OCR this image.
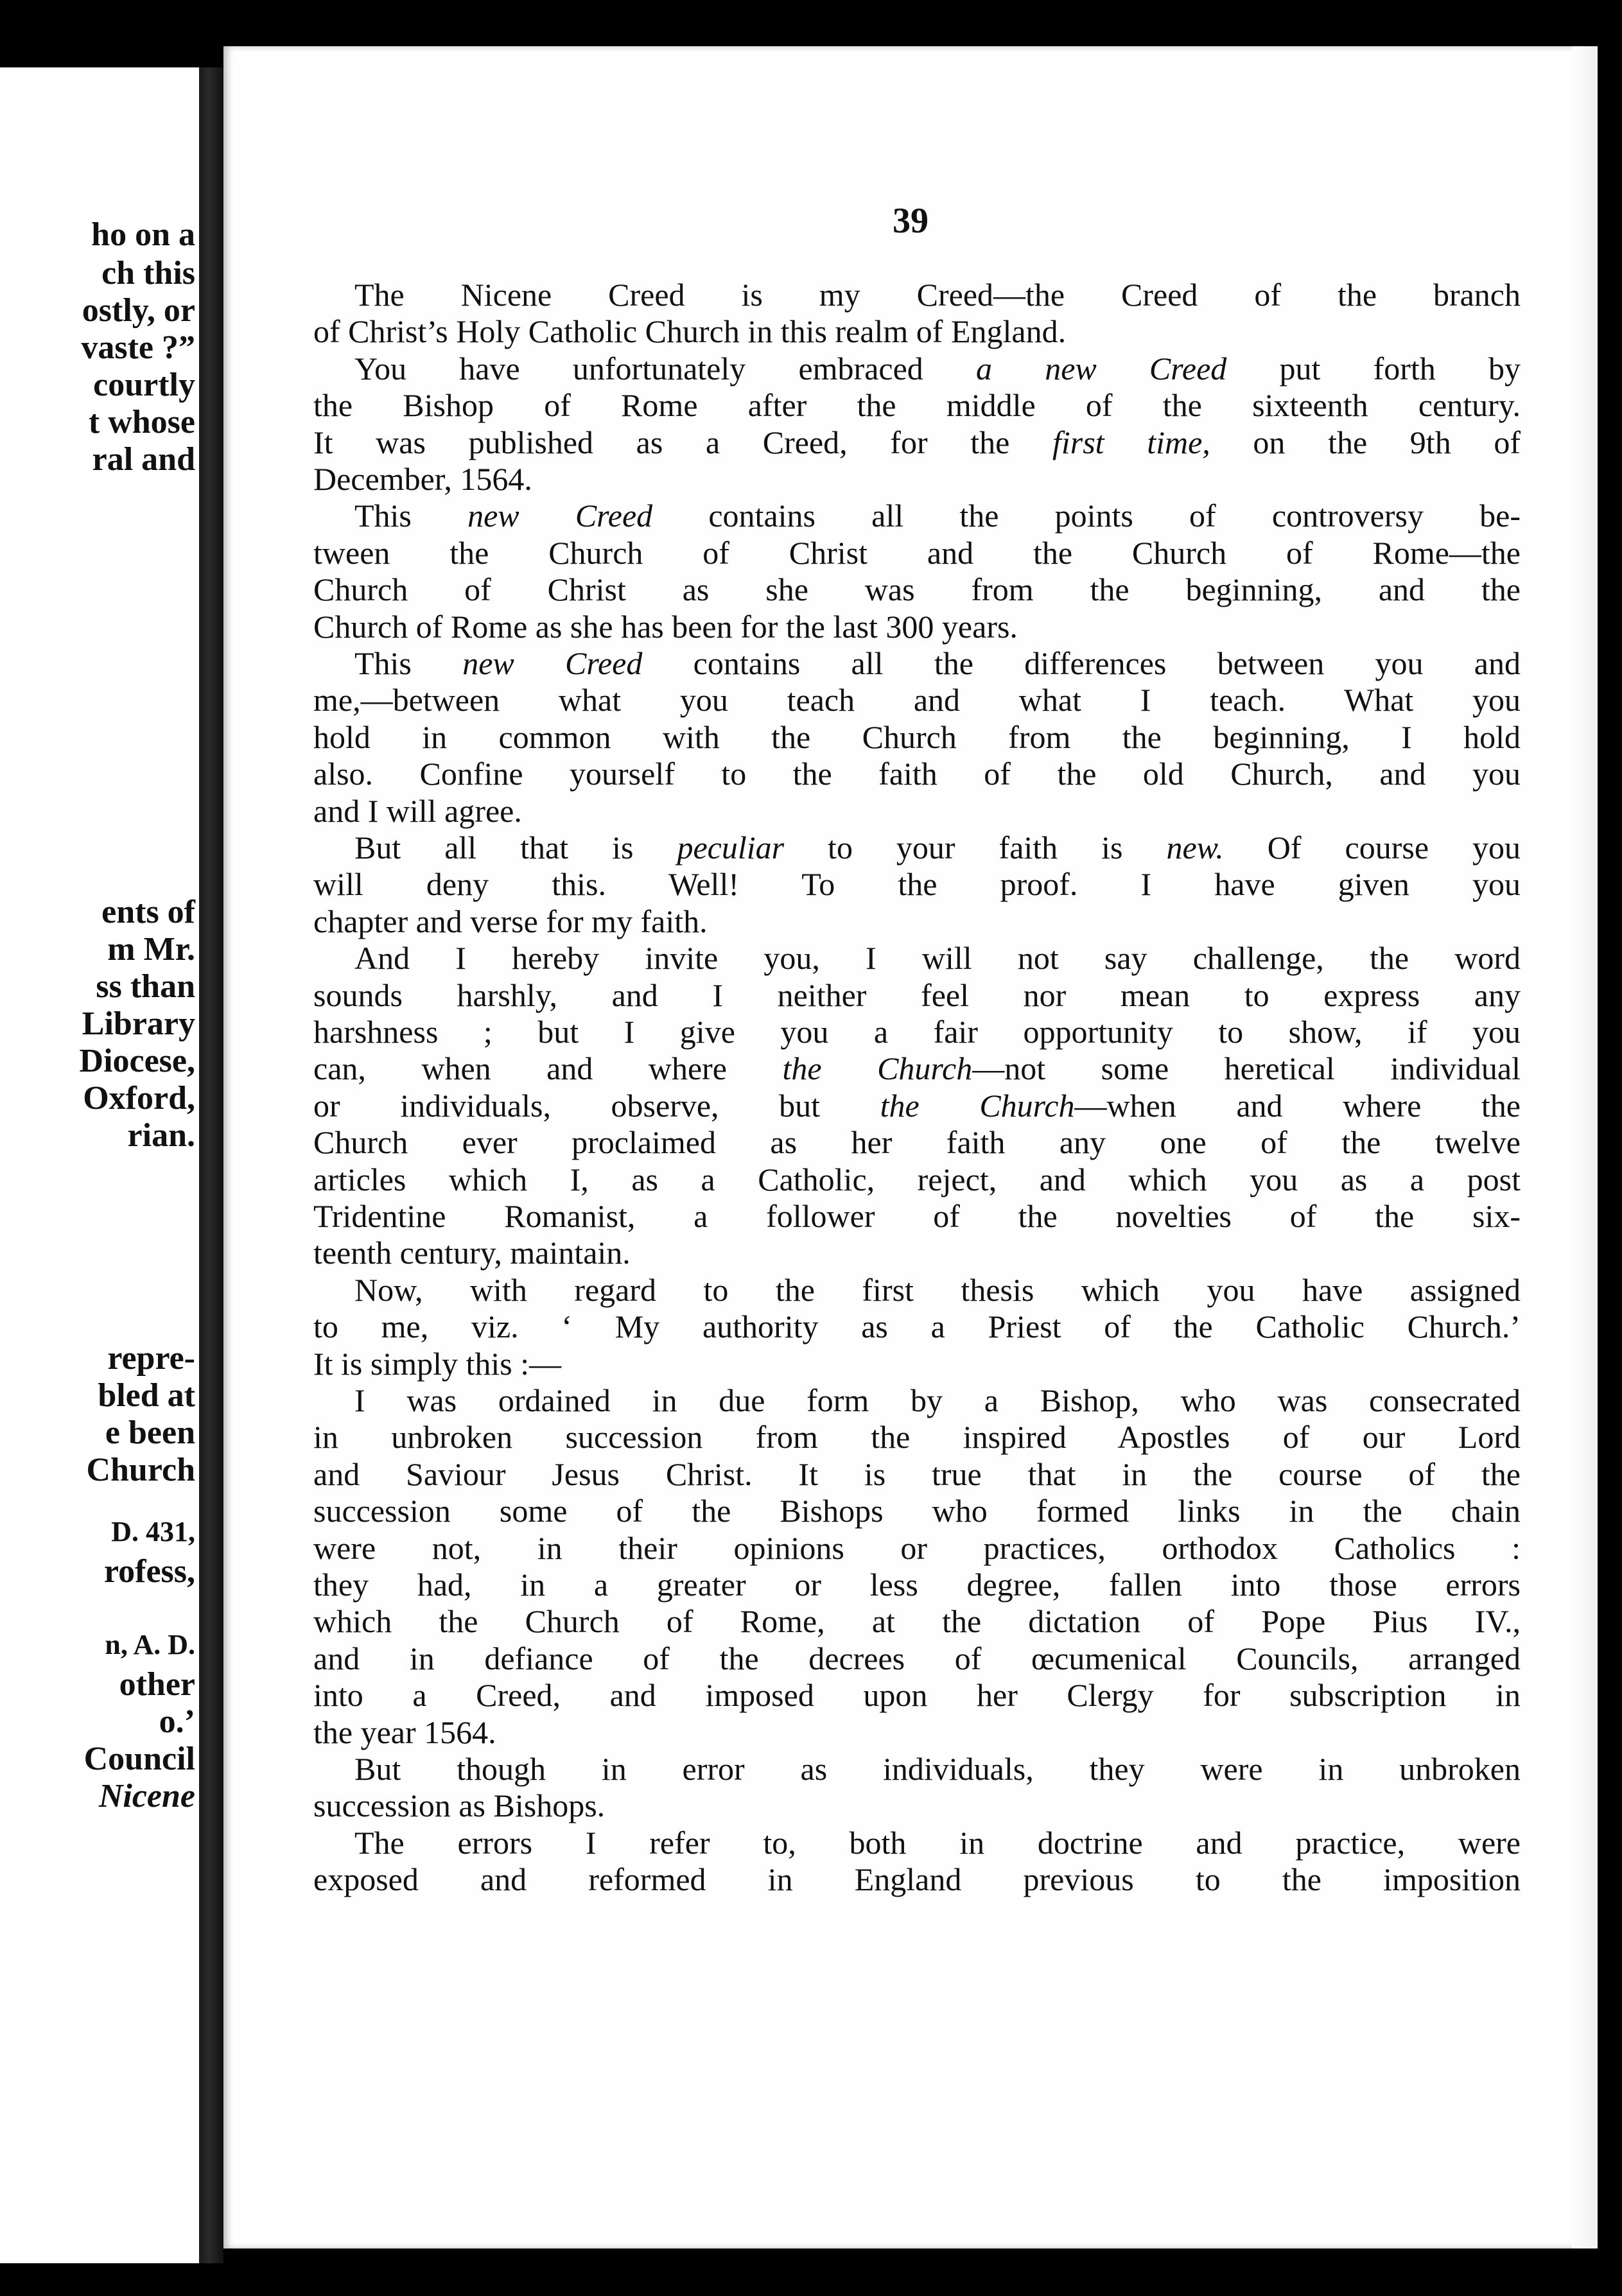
ho on a
ch this
ostly, or
vaste ?”
courtly
t whose
ral and
ents of
m Mr.
ss than
Library
Diocese,
Oxford,
rian.
repre-
bled at
e been
Church
D. 431,
rofess,
n, A. D.
other
o.’
Council
Nicene
39
The Nicene Creed is my Creed—the Creed of the branch
of Christ’s Holy Catholic Church in this realm of England.
You have unfortunately embraced a new Creed put forth by
the Bishop of Rome after the middle of the sixteenth century.
It was published as a Creed, for the first time, on the 9th of
December, 1564.
This new Creed contains all the points of controversy be-
tween the Church of Christ and the Church of Rome—the
Church of Christ as she was from the beginning, and the
Church of Rome as she has been for the last 300 years.
This new Creed contains all the differences between you and
me,—between what you teach and what I teach. What you
hold in common with the Church from the beginning, I hold
also. Confine yourself to the faith of the old Church, and you
and I will agree.
But all that is peculiar to your faith is new. Of course you
will deny this. Well! To the proof. I have given you
chapter and verse for my faith.
And I hereby invite you, I will not say challenge, the word
sounds harshly, and I neither feel nor mean to express any
harshness ; but I give you a fair opportunity to show, if you
can, when and where the Church—not some heretical individual
or individuals, observe, but the Church—when and where the
Church ever proclaimed as her faith any one of the twelve
articles which I, as a Catholic, reject, and which you as a post
Tridentine Romanist, a follower of the novelties of the six-
teenth century, maintain.
Now, with regard to the first thesis which you have assigned
to me, viz. ‘ My authority as a Priest of the Catholic Church.’
It is simply this :—
I was ordained in due form by a Bishop, who was consecrated
in unbroken succession from the inspired Apostles of our Lord
and Saviour Jesus Christ. It is true that in the course of the
succession some of the Bishops who formed links in the chain
were not, in their opinions or practices, orthodox Catholics :
they had, in a greater or less degree, fallen into those errors
which the Church of Rome, at the dictation of Pope Pius IV.,
and in defiance of the decrees of œcumenical Councils, arranged
into a Creed, and imposed upon her Clergy for subscription in
the year 1564.
But though in error as individuals, they were in unbroken
succession as Bishops.
The errors I refer to, both in doctrine and practice, were
exposed and reformed in England previous to the imposition
